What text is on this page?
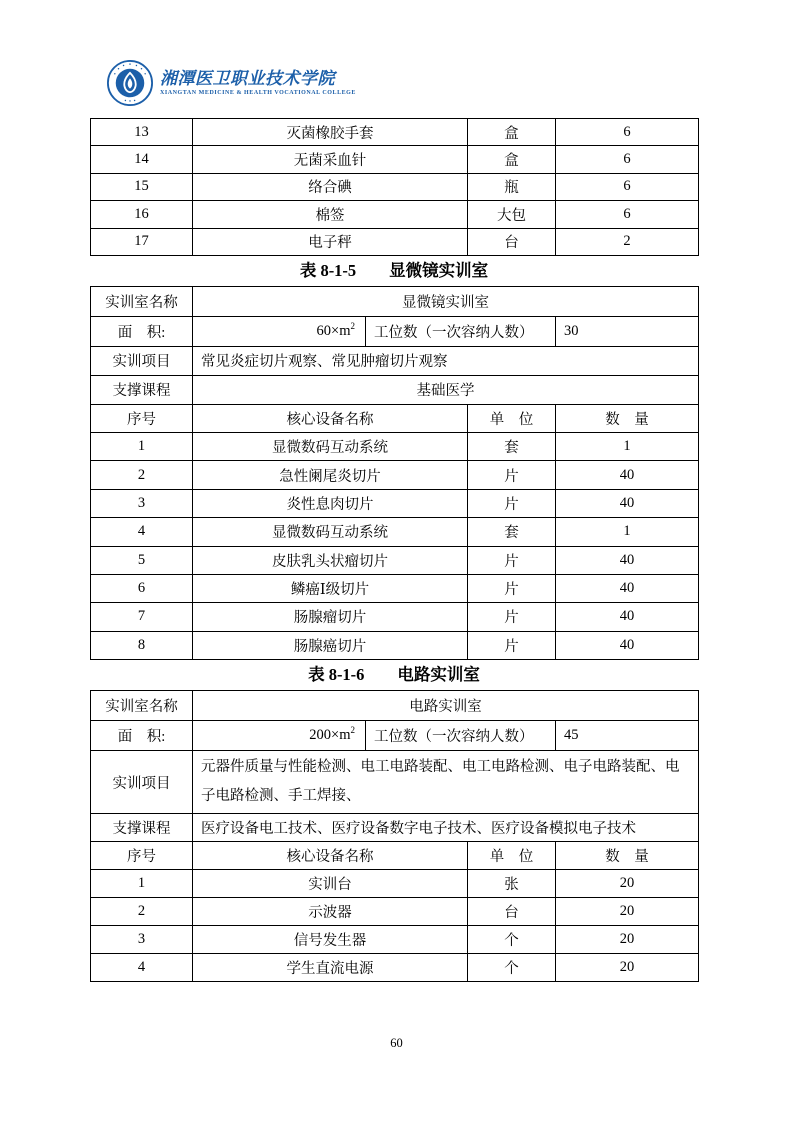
湘潭医卫职业技术学院
XIANGTAN MEDICINE & HEALTH VOCATIONAL COLLEGE
13	灭菌橡胶手套	盒	6
14	无菌采血针	盒	6
15	络合碘	瓶	6
16	棉签	大包	6
17	电子秤	台	2
表 8-1-5　　显微镜实训室
实训室名称	显微镜实训室			
面　积:	$60\times m^2$	工位数（一次容纳人数）		30
实训项目	常见炎症切片观察、常见肿瘤切片观察			
支撑课程	基础医学			
序号	核心设备名称		单　位	数　量
1	显微数码互动系统		套	1
2	急性阑尾炎切片		片	40
3	炎性息肉切片		片	40
4	显微数码互动系统		套	1
5	皮肤乳头状瘤切片		片	40
6	鳞癌Ⅰ级切片		片	40
7	肠腺瘤切片		片	40
8	肠腺癌切片		片	40
表 8-1-6　　电路实训室
实训室名称	电路实训室			
面　积:	$200\times m^2$	工位数（一次容纳人数）		45
实训项目	元器件质量与性能检测、电工电路装配、电工电路检测、电子电路装配、电子电路检测、手工焊接、			
支撑课程	医疗设备电工技术、医疗设备数字电子技术、医疗设备模拟电子技术			
序号	核心设备名称		单　位	数　量
1	实训台		张	20
2	示波器		台	20
3	信号发生器		个	20
4	学生直流电源		个	20
60
